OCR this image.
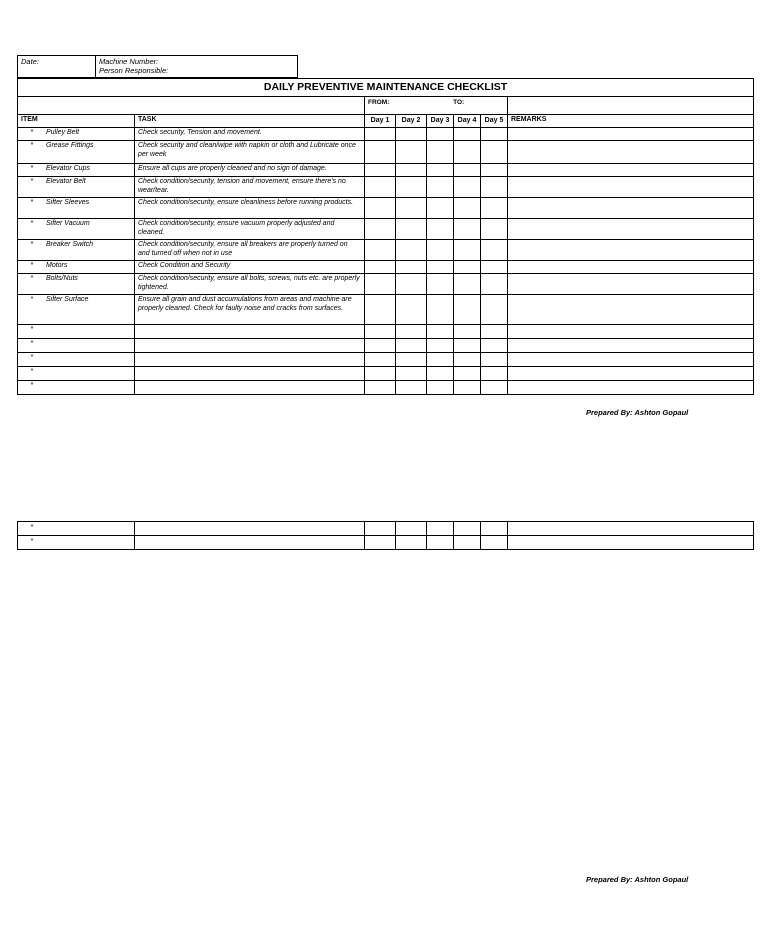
Date:	Machine Number:
Person Responsible:
DAILY PREVENTIVE MAINTENANCE CHECKLIST							
		FROM: TO:					
ITEM	TASK	Day 1	Day 2	Day 3	Day 4	Day 5	REMARKS
* Pulley Belt	Check security, Tension and movement.						
* Grease Fittings	Check security and clean/wipe with napkin or cloth and Lubricate once per week						
* Elevator Cups	Ensure all cups are properly cleaned and no sign of damage.						
* Elevator Belt	Check condition/security, tension and movement, ensure there's no wear/tear.						
* Sifter Sleeves	Check condition/security, ensure cleanliness before running products.						
* Sifter Vacuum	Check condition/security, ensure vacuum properly adjusted and cleaned.						
* Breaker Switch	Check condition/security, ensure all breakers are properly turned on and turned off when not in use						
* Motors	Check Condition and Security						
* Bolts/Nuts	Check condition/security, ensure all bolts, screws, nuts etc. are properly tightened.						
* Sifter Surface	Ensure all grain and dust accumulations from areas and machine are properly cleaned. Check for faulty noise and cracks from surfaces.						
*							
*							
*							
*							
*							
Prepared By: Ashton Gopaul
*							
*							
Prepared By: Ashton Gopaul
